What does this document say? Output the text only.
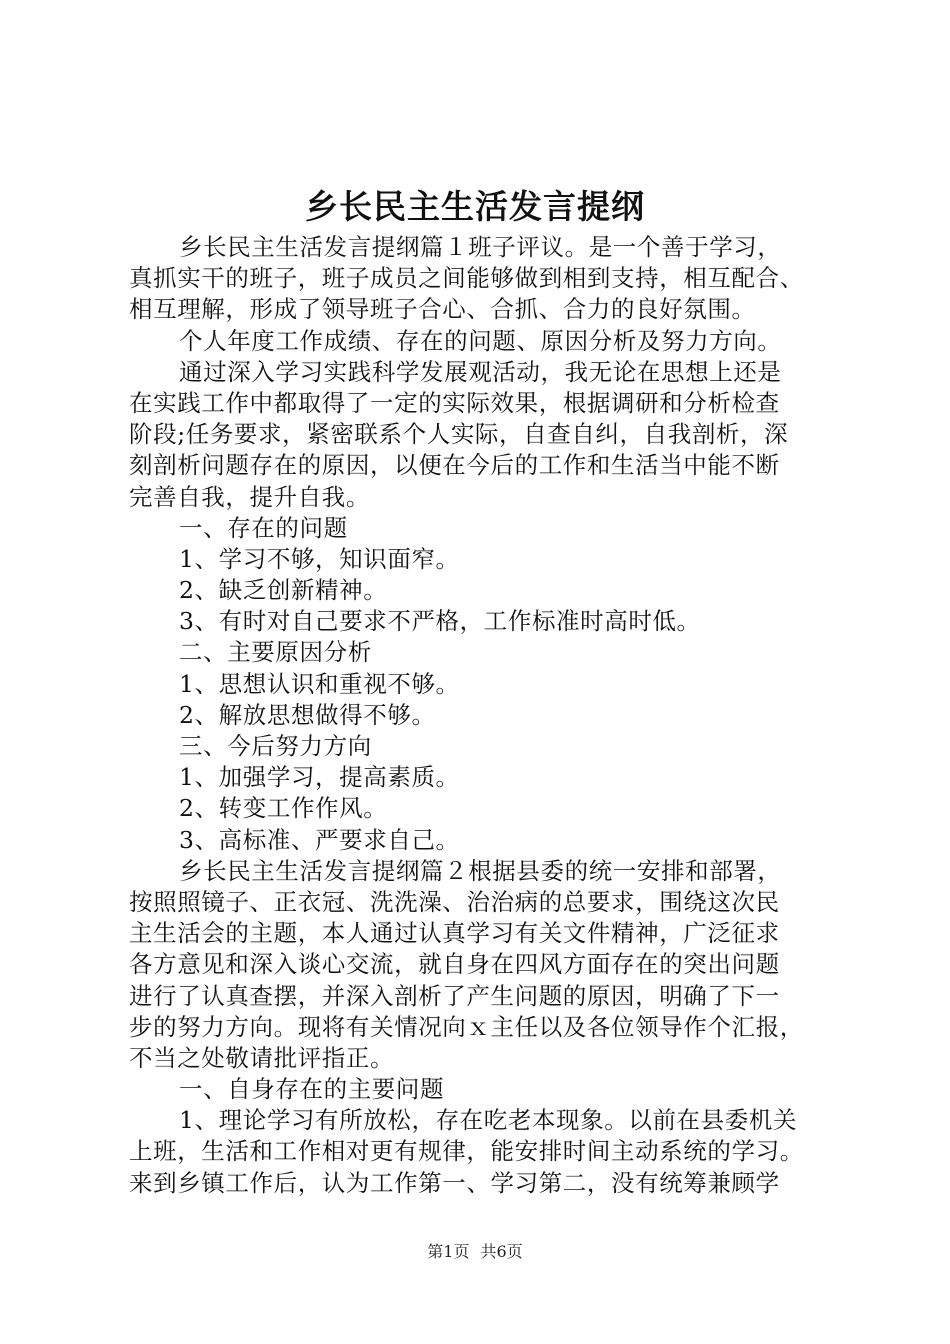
乡长民主生活发言提纲
乡长民主生活发言提纲篇１班子评议。是一个善于学习，
真抓实干的班子，班子成员之间能够做到相到支持，相互配合、
相互理解，形成了领导班子合心、合抓、合力的良好氛围。
个人年度工作成绩、存在的问题、原因分析及努力方向。
通过深入学习实践科学发展观活动，我无论在思想上还是
在实践工作中都取得了一定的实际效果，根据调研和分析检查
阶段;任务要求，紧密联系个人实际，自查自纠，自我剖析，深
刻剖析问题存在的原因，以便在今后的工作和生活当中能不断
完善自我，提升自我。
一、存在的问题
1、学习不够，知识面窄。
2、缺乏创新精神。
3、有时对自己要求不严格，工作标准时高时低。
二、主要原因分析
1、思想认识和重视不够。
2、解放思想做得不够。
三、今后努力方向
1、加强学习，提高素质。
2、转变工作作风。
3、高标准、严要求自己。
乡长民主生活发言提纲篇２根据县委的统一安排和部署，
按照照镜子、正衣冠、洗洗澡、治治病的总要求，围绕这次民
主生活会的主题，本人通过认真学习有关文件精神，广泛征求
各方意见和深入谈心交流，就自身在四风方面存在的突出问题
进行了认真查摆，并深入剖析了产生问题的原因，明确了下一
步的努力方向。现将有关情况向ｘ主任以及各位领导作个汇报，
不当之处敬请批评指正。
一、自身存在的主要问题
1、理论学习有所放松，存在吃老本现象。以前在县委机关
上班，生活和工作相对更有规律，能安排时间主动系统的学习。
来到乡镇工作后，认为工作第一、学习第二，没有统筹兼顾学
第1页 共6页
